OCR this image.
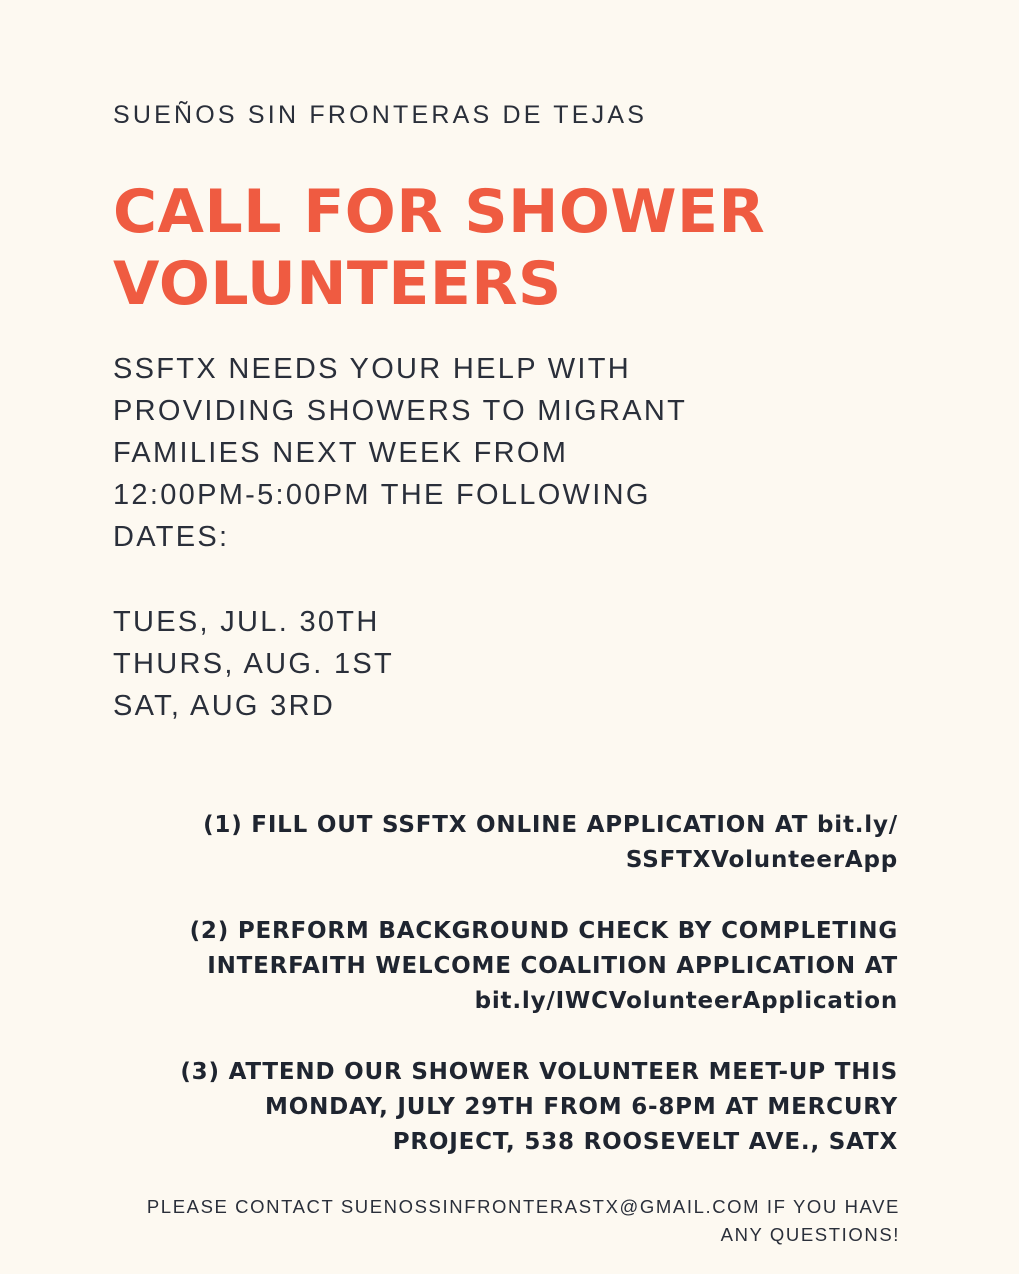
SUEÑOS SIN FRONTERAS DE TEJAS
CALL FOR SHOWER
VOLUNTEERS
SSFTX NEEDS YOUR HELP WITH
PROVIDING SHOWERS TO MIGRANT
FAMILIES NEXT WEEK FROM
12:00PM-5:00PM THE FOLLOWING
DATES:
TUES, JUL. 30TH
THURS, AUG. 1ST
SAT, AUG 3RD
(1) FILL OUT SSFTX ONLINE APPLICATION AT bit.ly/
SSFTXVolunteerApp
(2) PERFORM BACKGROUND CHECK BY COMPLETING
INTERFAITH WELCOME COALITION APPLICATION AT
bit.ly/IWCVolunteerApplication
(3) ATTEND OUR SHOWER VOLUNTEER MEET-UP THIS
MONDAY, JULY 29TH FROM 6-8PM AT MERCURY
PROJECT, 538 ROOSEVELT AVE., SATX
PLEASE CONTACT SUENOSSINFRONTERASTX@GMAIL.COM IF YOU HAVE
ANY QUESTIONS!
